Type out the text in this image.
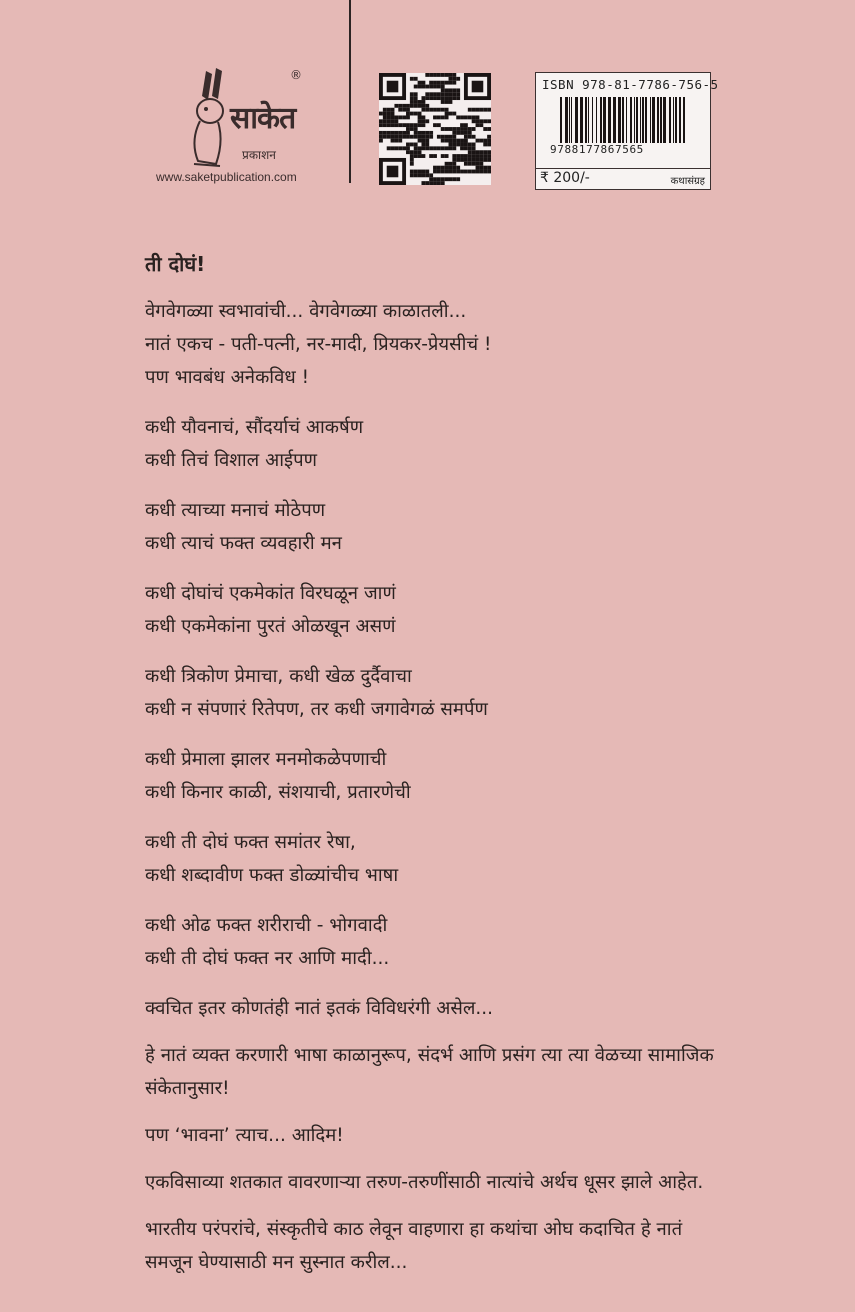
साकेत
®
प्रकाशन
www.saketpublication.com
ISBN 978-81-7786-756-5
9788177867565
₹ 200/-	कथासंग्रह
ती दोघं!
वेगवेगळ्या स्वभावांची... वेगवेगळ्या काळातली...
नातं एकच - पती-पत्नी, नर-मादी, प्रियकर-प्रेयसीचं !
पण भावबंध अनेकविध !
कधी यौवनाचं, सौंदर्याचं आकर्षण
कधी तिचं विशाल आईपण
कधी त्याच्या मनाचं मोठेपण
कधी त्याचं फक्त व्यवहारी मन
कधी दोघांचं एकमेकांत विरघळून जाणं
कधी एकमेकांना पुरतं ओळखून असणं
कधी त्रिकोण प्रेमाचा, कधी खेळ दुर्दैवाचा
कधी न संपणारं रितेपण, तर कधी जगावेगळं समर्पण
कधी प्रेमाला झालर मनमोकळेपणाची
कधी किनार काळी, संशयाची, प्रतारणेची
कधी ती दोघं फक्त समांतर रेषा,
कधी शब्दावीण फक्त डोळ्यांचीच भाषा
कधी ओढ फक्त शरीराची - भोगवादी
कधी ती दोघं फक्त नर आणि मादी...
क्वचित इतर कोणतंही नातं इतकं विविधरंगी असेल...
हे नातं व्यक्त करणारी भाषा काळानुरूप, संदर्भ आणि प्रसंग त्या त्या वेळच्या सामाजिक संकेतानुसार!
पण ‘भावना’ त्याच... आदिम!
एकविसाव्या शतकात वावरणाऱ्या तरुण-तरुणींसाठी नात्यांचे अर्थच धूसर झाले आहेत.
भारतीय परंपरांचे, संस्कृतीचे काठ लेवून वाहणारा हा कथांचा ओघ कदाचित हे नातं समजून घेण्यासाठी मन सुस्नात करील...
